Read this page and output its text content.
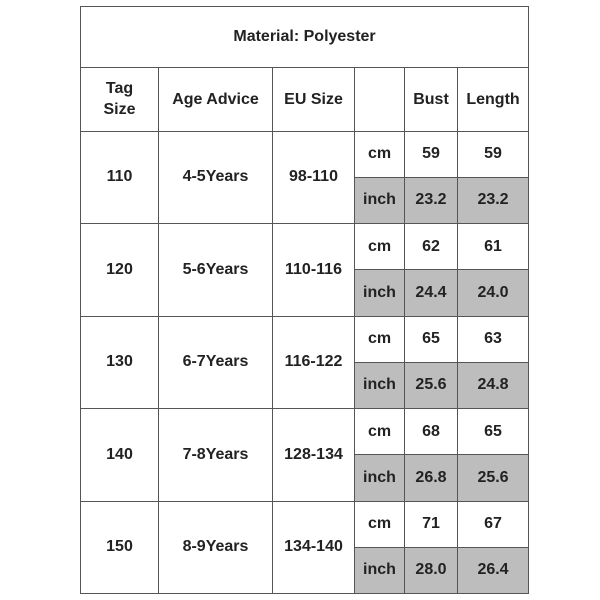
Material: Polyester					
Tag Size	Age Advice	EU Size		Bust	Length
110	4-5Years	98-110	cm	59	59
			inch	23.2	23.2
120	5-6Years	110-116	cm	62	61
			inch	24.4	24.0
130	6-7Years	116-122	cm	65	63
			inch	25.6	24.8
140	7-8Years	128-134	cm	68	65
			inch	26.8	25.6
150	8-9Years	134-140	cm	71	67
			inch	28.0	26.4
